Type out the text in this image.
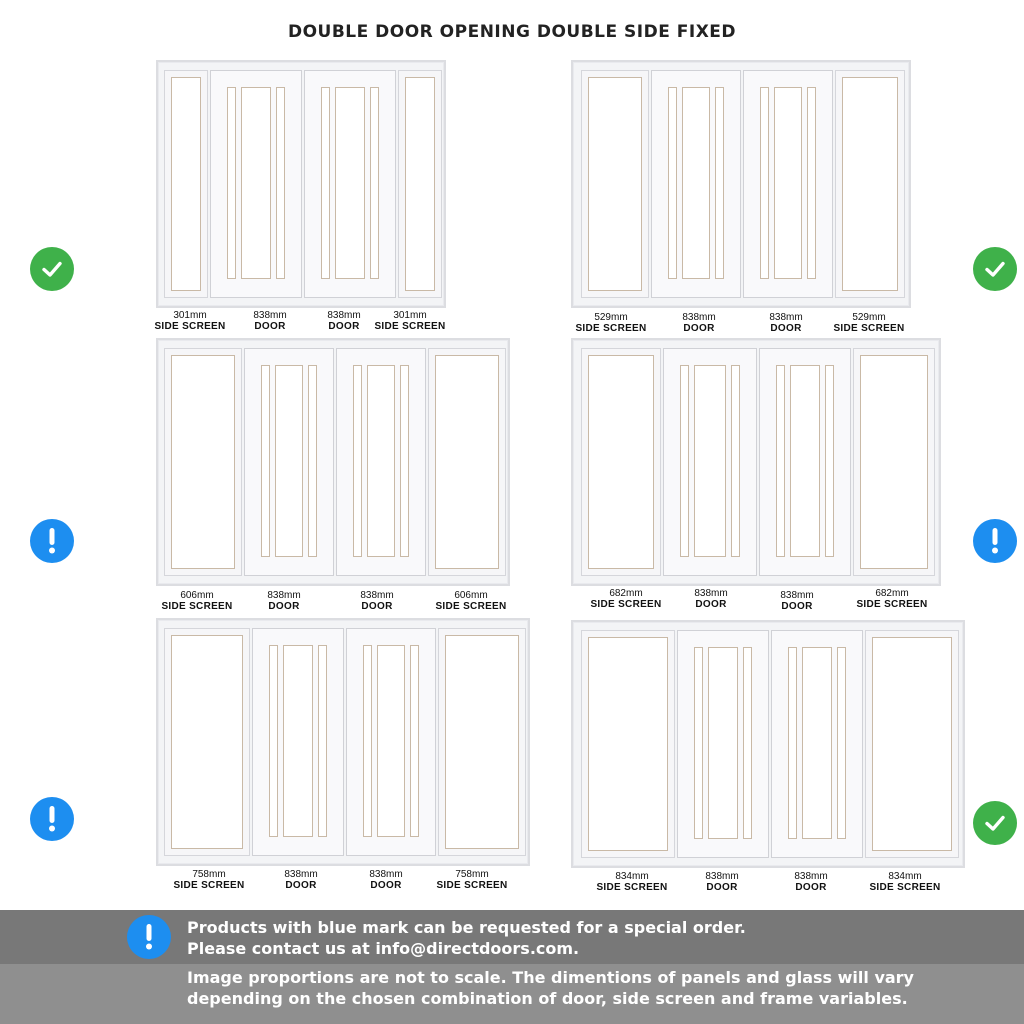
DOUBLE DOOR OPENING DOUBLE SIDE FIXED
301mm
SIDE SCREEN
838mm
DOOR
838mm
DOOR
301mm
SIDE SCREEN
529mm
SIDE SCREEN
838mm
DOOR
838mm
DOOR
529mm
SIDE SCREEN
606mm
SIDE SCREEN
838mm
DOOR
838mm
DOOR
606mm
SIDE SCREEN
682mm
SIDE SCREEN
838mm
DOOR
838mm
DOOR
682mm
SIDE SCREEN
758mm
SIDE SCREEN
838mm
DOOR
838mm
DOOR
758mm
SIDE SCREEN
834mm
SIDE SCREEN
838mm
DOOR
838mm
DOOR
834mm
SIDE SCREEN
Products with blue mark can be requested for a special order.
Please contact us at info@directdoors.com.
Image proportions are not to scale. The dimentions of panels and glass will vary
depending on the chosen combination of door, side screen and frame variables.
